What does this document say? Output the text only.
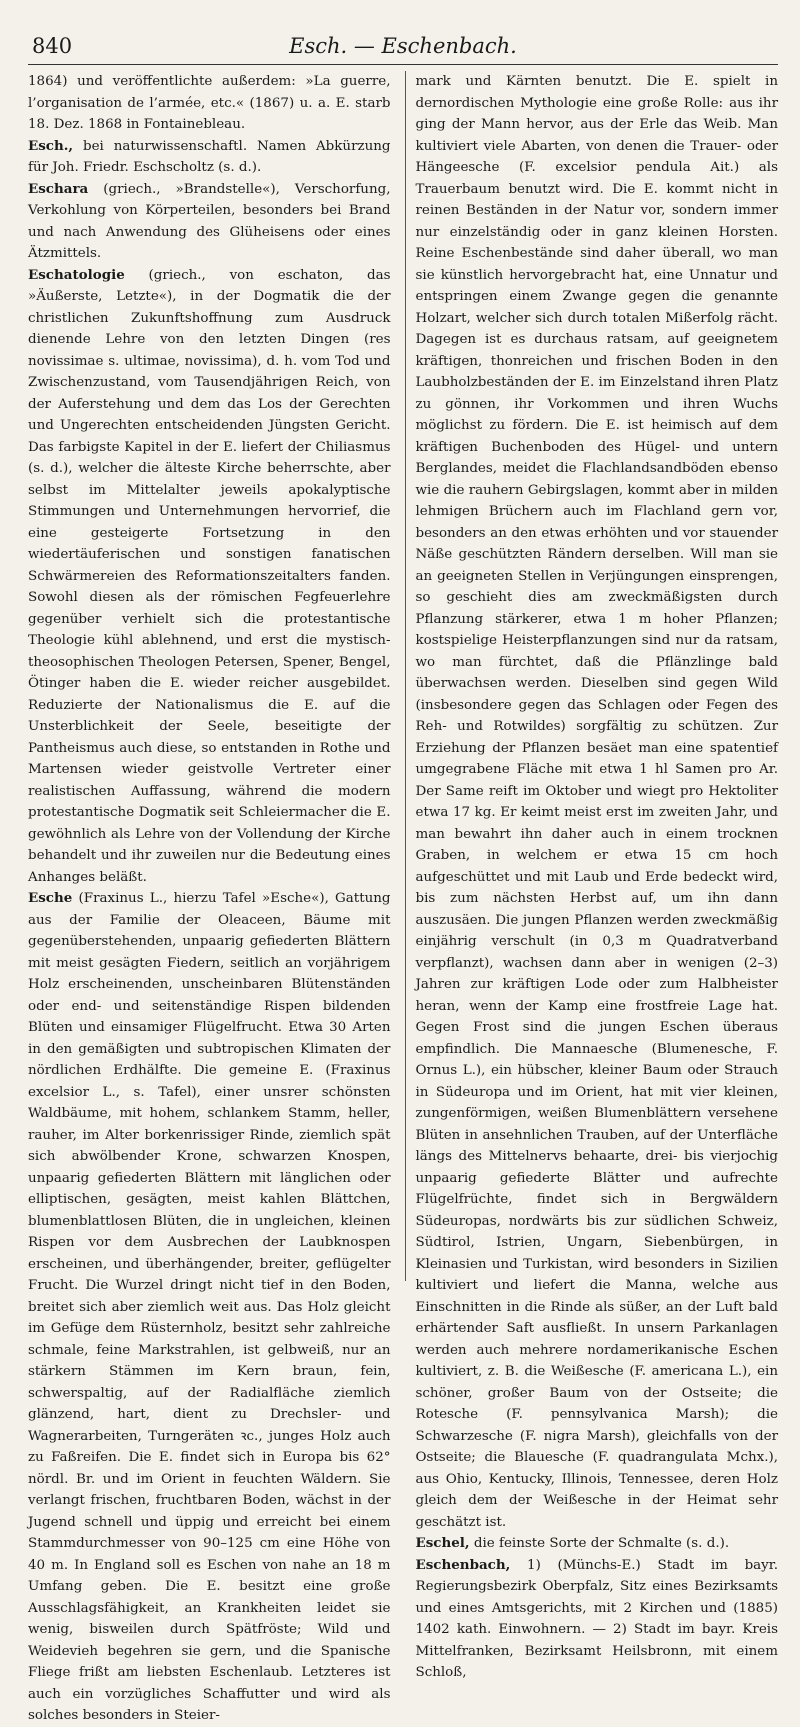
840	Esch. — Eschenbach.

1864) und veröffentlichte außerdem: »La guerre, l’organisation de l’armée, etc.« (1867) u. a. E. starb 18. Dez. 1868 in Fontainebleau.

Esch., bei naturwissenschaftl. Namen Abkürzung für Joh. Friedr. Eschscholtz (s. d.).

Eschara (griech., »Brandstelle«), Verschorfung, Verkohlung von Körperteilen, besonders bei Brand und nach Anwendung des Glüheisens oder eines Ätzmittels.

Eschatologie (griech., von eschaton, das »Äußerste, Letzte«), in der Dogmatik die der christlichen Zukunftshoffnung zum Ausdruck dienende Lehre von den letzten Dingen (res novissimae s. ultimae, novissima), d. h. vom Tod und Zwischenzustand, vom Tausendjährigen Reich, von der Auferstehung und dem das Los der Gerechten und Ungerechten entscheidenden Jüngsten Gericht. Das farbigste Kapitel in der E. liefert der Chiliasmus (s. d.), welcher die älteste Kirche beherrschte, aber selbst im Mittelalter jeweils apokalyptische Stimmungen und Unternehmungen hervorrief, die eine gesteigerte Fortsetzung in den wiedertäuferischen und sonstigen fanatischen Schwärmereien des Reformationszeitalters fanden. Sowohl diesen als der römischen Fegfeuerlehre gegenüber verhielt sich die protestantische Theologie kühl ablehnend, und erst die mystisch-theosophischen Theologen Petersen, Spener, Bengel, Ötinger haben die E. wieder reicher ausgebildet. Reduzierte der Nationalismus die E. auf die Unsterblichkeit der Seele, beseitigte der Pantheismus auch diese, so entstanden in Rothe und Martensen wieder geistvolle Vertreter einer realistischen Auffassung, während die modern protestantische Dogmatik seit Schleiermacher die E. gewöhnlich als Lehre von der Vollendung der Kirche behandelt und ihr zuweilen nur die Bedeutung eines Anhanges beläßt.

Esche (Fraxinus L., hierzu Tafel »Esche«), Gattung aus der Familie der Oleaceen, Bäume mit gegenüberstehenden, unpaarig gefiederten Blättern mit meist gesägten Fiedern, seitlich an vorjährigem Holz erscheinenden, unscheinbaren Blütenständen oder end- und seitenständige Rispen bildenden Blüten und einsamiger Flügelfrucht. Etwa 30 Arten in den gemäßigten und subtropischen Klimaten der nördlichen Erdhälfte. Die gemeine E. (Fraxinus excelsior L., s. Tafel), einer unsrer schönsten Waldbäume, mit hohem, schlankem Stamm, heller, rauher, im Alter borkenrissiger Rinde, ziemlich spät sich abwölbender Krone, schwarzen Knospen, unpaarig gefiederten Blättern mit länglichen oder elliptischen, gesägten, meist kahlen Blättchen, blumenblattlosen Blüten, die in ungleichen, kleinen Rispen vor dem Ausbrechen der Laubknospen erscheinen, und überhängender, breiter, geflügelter Frucht. Die Wurzel dringt nicht tief in den Boden, breitet sich aber ziemlich weit aus. Das Holz gleicht im Gefüge dem Rüsternholz, besitzt sehr zahlreiche schmale, feine Markstrahlen, ist gelbweiß, nur an stärkern Stämmen im Kern braun, fein, schwerspaltig, auf der Radialfläche ziemlich glänzend, hart, dient zu Drechsler- und Wagnerarbeiten, Turngeräten ꝛc., junges Holz auch zu Faßreifen. Die E. findet sich in Europa bis 62° nördl. Br. und im Orient in feuchten Wäldern. Sie verlangt frischen, fruchtbaren Boden, wächst in der Jugend schnell und üppig und erreicht bei einem Stammdurchmesser von 90–125 cm eine Höhe von 40 m. In England soll es Eschen von nahe an 18 m Umfang geben. Die E. besitzt eine große Ausschlagsfähigkeit, an Krankheiten leidet sie wenig, bisweilen durch Spätfröste; Wild und Weidevieh begehren sie gern, und die Spanische Fliege frißt am liebsten Eschenlaub. Letzteres ist auch ein vorzügliches Schaffutter und wird als solches besonders in Steier-

mark und Kärnten benutzt. Die E. spielt in dernordischen Mythologie eine große Rolle: aus ihr ging der Mann hervor, aus der Erle das Weib. Man kultiviert viele Abarten, von denen die Trauer- oder Hängeesche (F. excelsior pendula Ait.) als Trauerbaum benutzt wird. Die E. kommt nicht in reinen Beständen in der Natur vor, sondern immer nur einzelständig oder in ganz kleinen Horsten. Reine Eschenbestände sind daher überall, wo man sie künstlich hervorgebracht hat, eine Unnatur und entspringen einem Zwange gegen die genannte Holzart, welcher sich durch totalen Mißerfolg rächt. Dagegen ist es durchaus ratsam, auf geeignetem kräftigen, thonreichen und frischen Boden in den Laubholzbeständen der E. im Einzelstand ihren Platz zu gönnen, ihr Vorkommen und ihren Wuchs möglichst zu fördern. Die E. ist heimisch auf dem kräftigen Buchenboden des Hügel- und untern Berglandes, meidet die Flachlandsandböden ebenso wie die rauhern Gebirgslagen, kommt aber in milden lehmigen Brüchern auch im Flachland gern vor, besonders an den etwas erhöhten und vor stauender Näße geschützten Rändern derselben. Will man sie an geeigneten Stellen in Verjüngungen einsprengen, so geschieht dies am zweckmäßigsten durch Pflanzung stärkerer, etwa 1 m hoher Pflanzen; kostspielige Heisterpflanzungen sind nur da ratsam, wo man fürchtet, daß die Pflänzlinge bald überwachsen werden. Dieselben sind gegen Wild (insbesondere gegen das Schlagen oder Fegen des Reh- und Rotwildes) sorgfältig zu schützen. Zur Erziehung der Pflanzen besäet man eine spatentief umgegrabene Fläche mit etwa 1 hl Samen pro Ar. Der Same reift im Oktober und wiegt pro Hektoliter etwa 17 kg. Er keimt meist erst im zweiten Jahr, und man bewahrt ihn daher auch in einem trocknen Graben, in welchem er etwa 15 cm hoch aufgeschüttet und mit Laub und Erde bedeckt wird, bis zum nächsten Herbst auf, um ihn dann auszusäen. Die jungen Pflanzen werden zweckmäßig einjährig verschult (in 0,3 m Quadratverband verpflanzt), wachsen dann aber in wenigen (2–3) Jahren zur kräftigen Lode oder zum Halbheister heran, wenn der Kamp eine frostfreie Lage hat. Gegen Frost sind die jungen Eschen überaus empfindlich. Die Mannaesche (Blumenesche, F. Ornus L.), ein hübscher, kleiner Baum oder Strauch in Südeuropa und im Orient, hat mit vier kleinen, zungenförmigen, weißen Blumenblättern versehene Blüten in ansehnlichen Trauben, auf der Unterfläche längs des Mittelnervs behaarte, drei- bis vierjochig unpaarig gefiederte Blätter und aufrechte Flügelfrüchte, findet sich in Bergwäldern Südeuropas, nordwärts bis zur südlichen Schweiz, Südtirol, Istrien, Ungarn, Siebenbürgen, in Kleinasien und Turkistan, wird besonders in Sizilien kultiviert und liefert die Manna, welche aus Einschnitten in die Rinde als süßer, an der Luft bald erhärtender Saft ausfließt. In unsern Parkanlagen werden auch mehrere nordamerikanische Eschen kultiviert, z. B. die Weißesche (F. americana L.), ein schöner, großer Baum von der Ostseite; die Rotesche (F. pennsylvanica Marsh); die Schwarzesche (F. nigra Marsh), gleichfalls von der Ostseite; die Blauesche (F. quadrangulata Mchx.), aus Ohio, Kentucky, Illinois, Tennessee, deren Holz gleich dem der Weißesche in der Heimat sehr geschätzt ist.

Eschel, die feinste Sorte der Schmalte (s. d.).

Eschenbach, 1) (Münchs-E.) Stadt im bayr. Regierungsbezirk Oberpfalz, Sitz eines Bezirksamts und eines Amtsgerichts, mit 2 Kirchen und (1885) 1402 kath. Einwohnern. — 2) Stadt im bayr. Kreis Mittelfranken, Bezirksamt Heilsbronn, mit einem Schloß,
